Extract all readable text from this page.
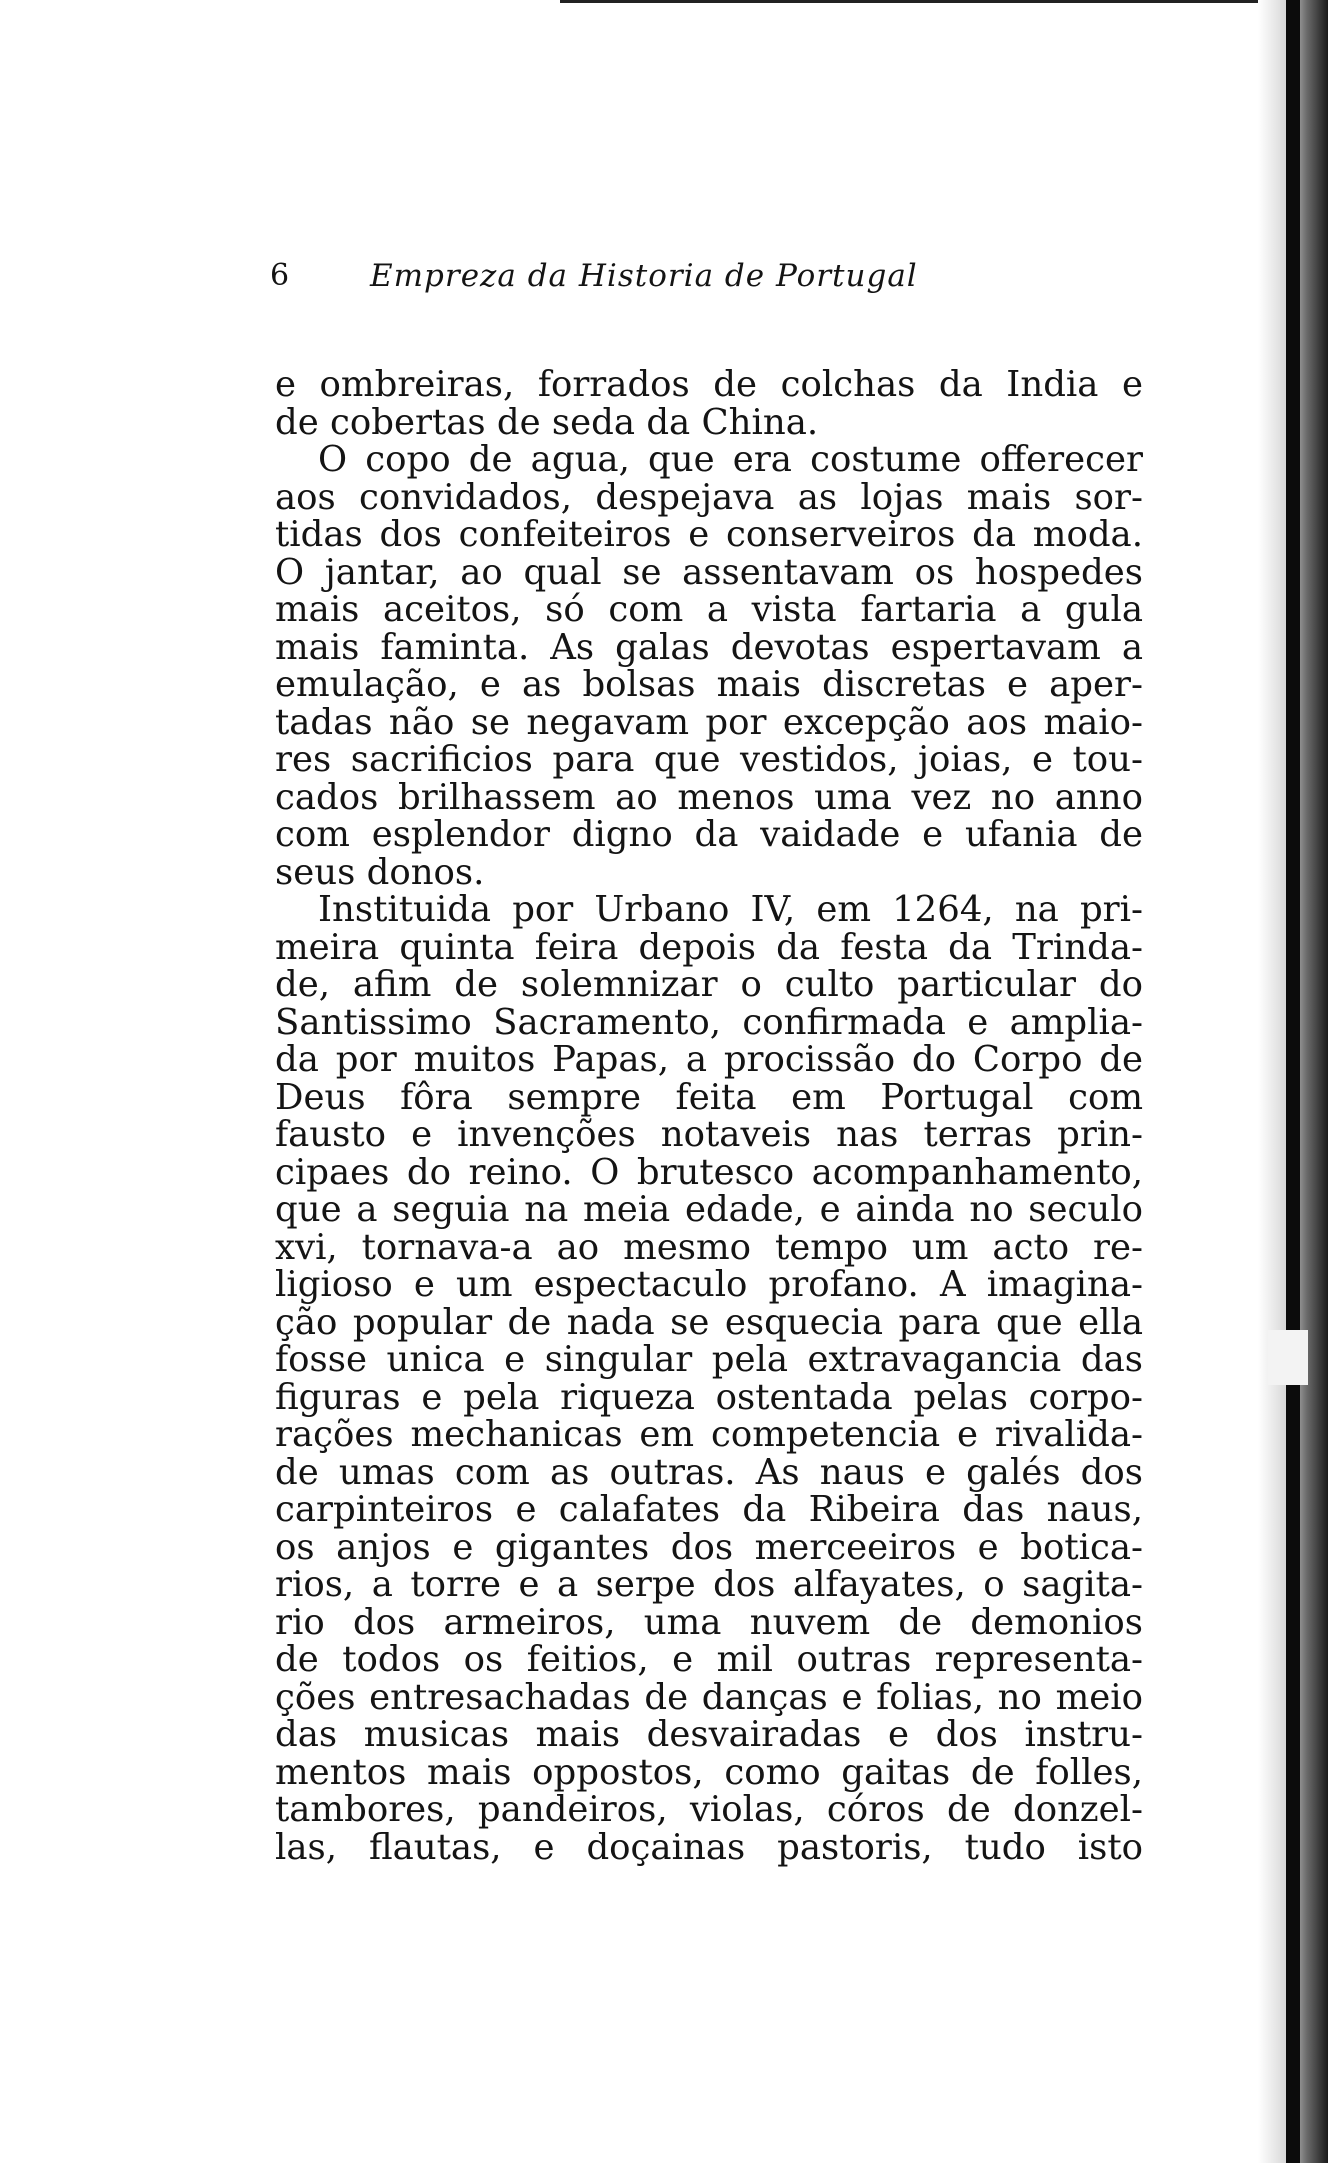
6	Empreza da Historia de Portugal
e ombreiras, forrados de colchas da India e
de cobertas de seda da China.
O copo de agua, que era costume offerecer
aos convidados, despejava as lojas mais sor-
tidas dos confeiteiros e conserveiros da moda.
O jantar, ao qual se assentavam os hospedes
mais aceitos, só com a vista fartaria a gula
mais faminta. As galas devotas espertavam a
emulação, e as bolsas mais discretas e aper-
tadas não se negavam por excepção aos maio-
res sacrificios para que vestidos, joias, e tou-
cados brilhassem ao menos uma vez no anno
com esplendor digno da vaidade e ufania de
seus donos.
Instituida por Urbano IV, em 1264, na pri-
meira quinta feira depois da festa da Trinda-
de, afim de solemnizar o culto particular do
Santissimo Sacramento, confirmada e amplia-
da por muitos Papas, a procissão do Corpo de
Deus fôra sempre feita em Portugal com
fausto e invenções notaveis nas terras prin-
cipaes do reino. O brutesco acompanhamento,
que a seguia na meia edade, e ainda no seculo
xvi, tornava-a ao mesmo tempo um acto re-
ligioso e um espectaculo profano. A imagina-
ção popular de nada se esquecia para que ella
fosse unica e singular pela extravagancia das
figuras e pela riqueza ostentada pelas corpo-
rações mechanicas em competencia e rivalida-
de umas com as outras. As naus e galés dos
carpinteiros e calafates da Ribeira das naus,
os anjos e gigantes dos merceeiros e botica-
rios, a torre e a serpe dos alfayates, o sagita-
rio dos armeiros, uma nuvem de demonios
de todos os feitios, e mil outras representa-
ções entresachadas de danças e folias, no meio
das musicas mais desvairadas e dos instru-
mentos mais oppostos, como gaitas de folles,
tambores, pandeiros, violas, córos de donzel-
las, flautas, e doçainas pastoris, tudo isto
